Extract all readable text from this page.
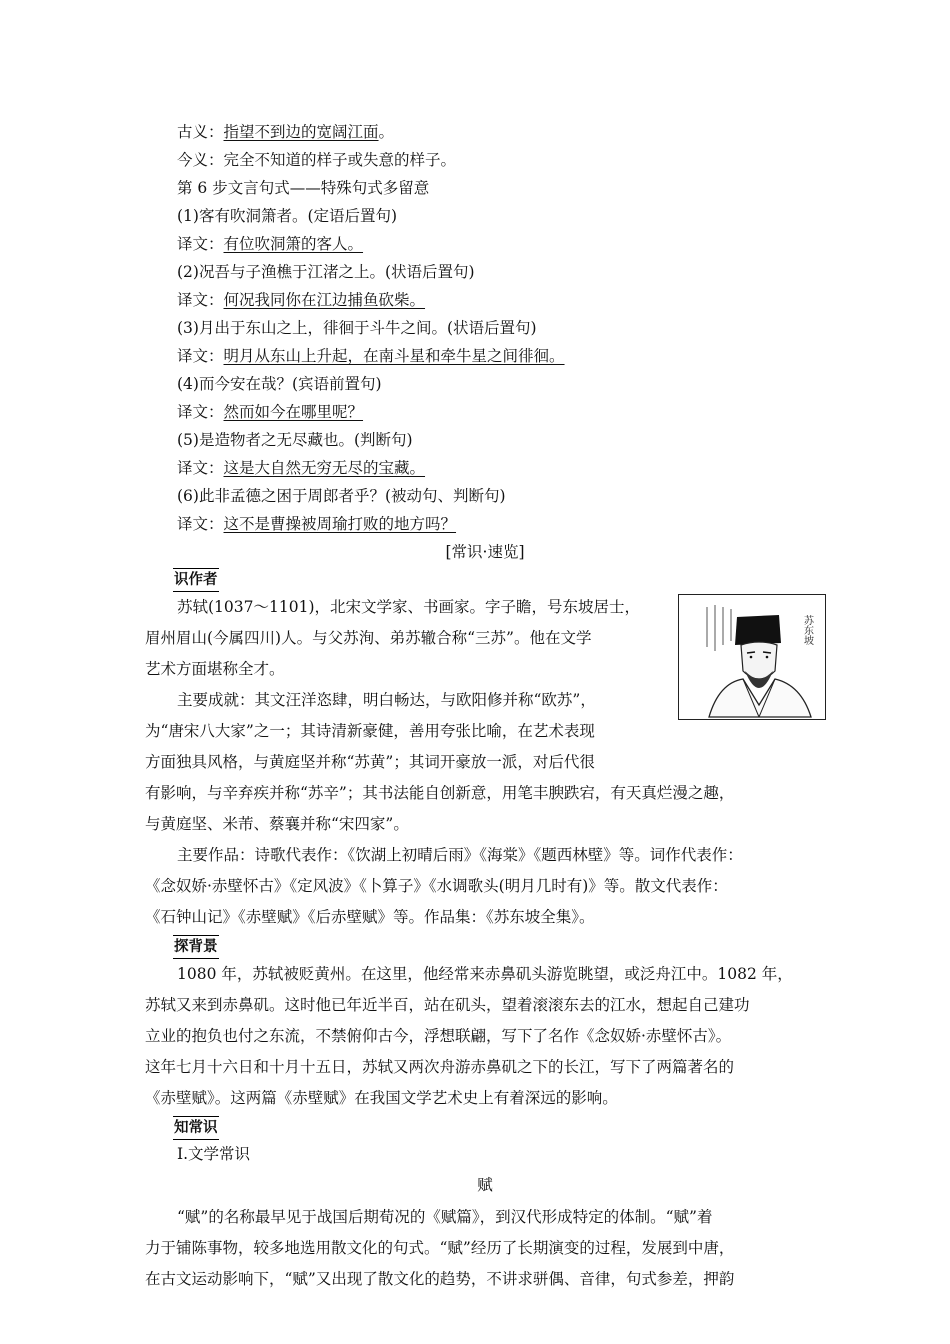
古义：指望不到边的宽阔江面。
今义：完全不知道的样子或失意的样子。
第 6 步文言句式——特殊句式多留意
(1)客有吹洞箫者。(定语后置句)
译文：有位吹洞箫的客人。
(2)况吾与子渔樵于江渚之上。(状语后置句)
译文：何况我同你在江边捕鱼砍柴。
(3)月出于东山之上，徘徊于斗牛之间。(状语后置句)
译文：明月从东山上升起，在南斗星和牵牛星之间徘徊。
(4)而今安在哉？(宾语前置句)
译文：然而如今在哪里呢？
(5)是造物者之无尽藏也。(判断句)
译文：这是大自然无穷无尽的宝藏。
(6)此非孟德之困于周郎者乎？(被动句、判断句)
译文：这不是曹操被周瑜打败的地方吗？
[常识·速览]
识作者
苏轼(1037～1101)，北宋文学家、书画家。字子瞻，号东坡居士，
眉州眉山(今属四川)人。与父苏洵、弟苏辙合称“三苏”。他在文学
艺术方面堪称全才。
主要成就：其文汪洋恣肆，明白畅达，与欧阳修并称“欧苏”，
为“唐宋八大家”之一；其诗清新豪健，善用夸张比喻，在艺术表现
方面独具风格，与黄庭坚并称“苏黄”；其词开豪放一派，对后代很
苏东坡
有影响，与辛弃疾并称“苏辛”；其书法能自创新意，用笔丰腴跌宕，有天真烂漫之趣，
与黄庭坚、米芾、蔡襄并称“宋四家”。
主要作品：诗歌代表作：《饮湖上初晴后雨》《海棠》《题西林壁》等。词作代表作：
《念奴娇·赤壁怀古》《定风波》《卜算子》《水调歌头(明月几时有)》等。散文代表作：
《石钟山记》《赤壁赋》《后赤壁赋》等。作品集：《苏东坡全集》。
探背景
1080 年，苏轼被贬黄州。在这里，他经常来赤鼻矶头游览眺望，或泛舟江中。1082 年，
苏轼又来到赤鼻矶。这时他已年近半百，站在矶头，望着滚滚东去的江水，想起自己建功
立业的抱负也付之东流，不禁俯仰古今，浮想联翩，写下了名作《念奴娇·赤壁怀古》。
这年七月十六日和十月十五日，苏轼又两次舟游赤鼻矶之下的长江，写下了两篇著名的
《赤壁赋》。这两篇《赤壁赋》在我国文学艺术史上有着深远的影响。
知常识
Ⅰ.文学常识
赋
“赋”的名称最早见于战国后期荀况的《赋篇》，到汉代形成特定的体制。“赋”着
力于铺陈事物，较多地选用散文化的句式。“赋”经历了长期演变的过程，发展到中唐，
在古文运动影响下，“赋”又出现了散文化的趋势，不讲求骈偶、音律，句式参差，押韵
